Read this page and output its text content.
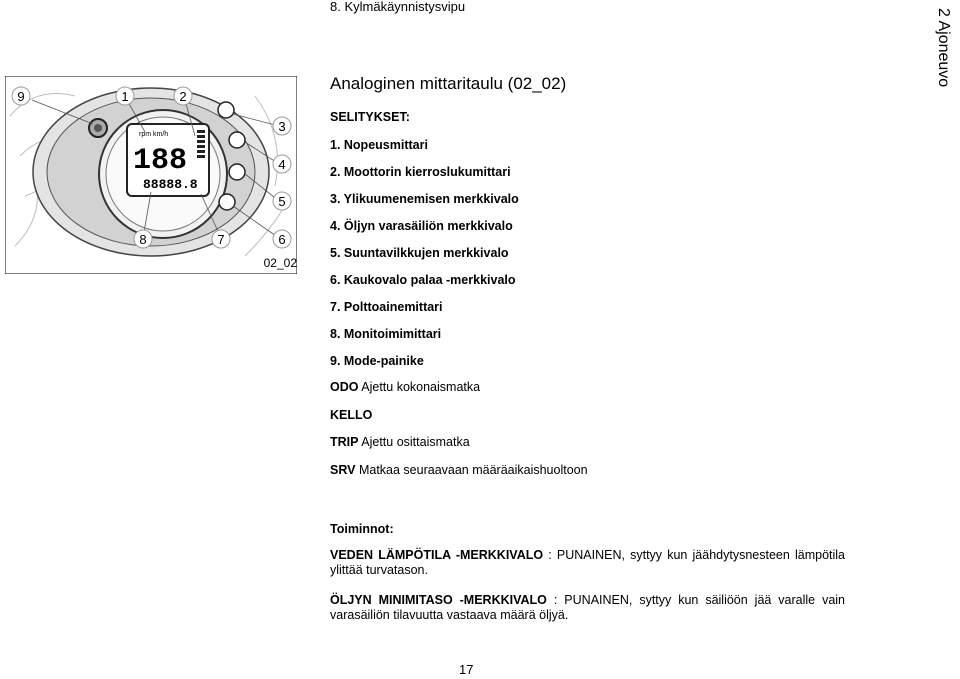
8. Kylmäkäynnistysvipu
2 Ajoneuvo
rpm km/h
188
88888.8
9	1	2
3
4
5
6
7
8
02_02
Analoginen mittaritaulu (02_02)
SELITYKSET:
1. Nopeusmittari
2. Moottorin kierroslukumittari
3. Ylikuumenemisen merkkivalo
4. Öljyn varasäiliön merkkivalo
5. Suuntavilkkujen merkkivalo
6. Kaukovalo palaa -merkkivalo
7. Polttoainemittari
8. Monitoimimittari
9. Mode-painike
ODO Ajettu kokonaismatka
KELLO
TRIP Ajettu osittaismatka
SRV Matkaa seuraavaan määräaikaishuoltoon
Toiminnot:
VEDEN LÄMPÖTILA -MERKKIVALO : PUNAINEN, syttyy kun jäähdytysnesteen lämpötila ylittää turvatason.
ÖLJYN MINIMITASO -MERKKIVALO : PUNAINEN, syttyy kun säiliöön jää varalle vain varasäiliön tilavuutta vastaava määrä öljyä.
17
